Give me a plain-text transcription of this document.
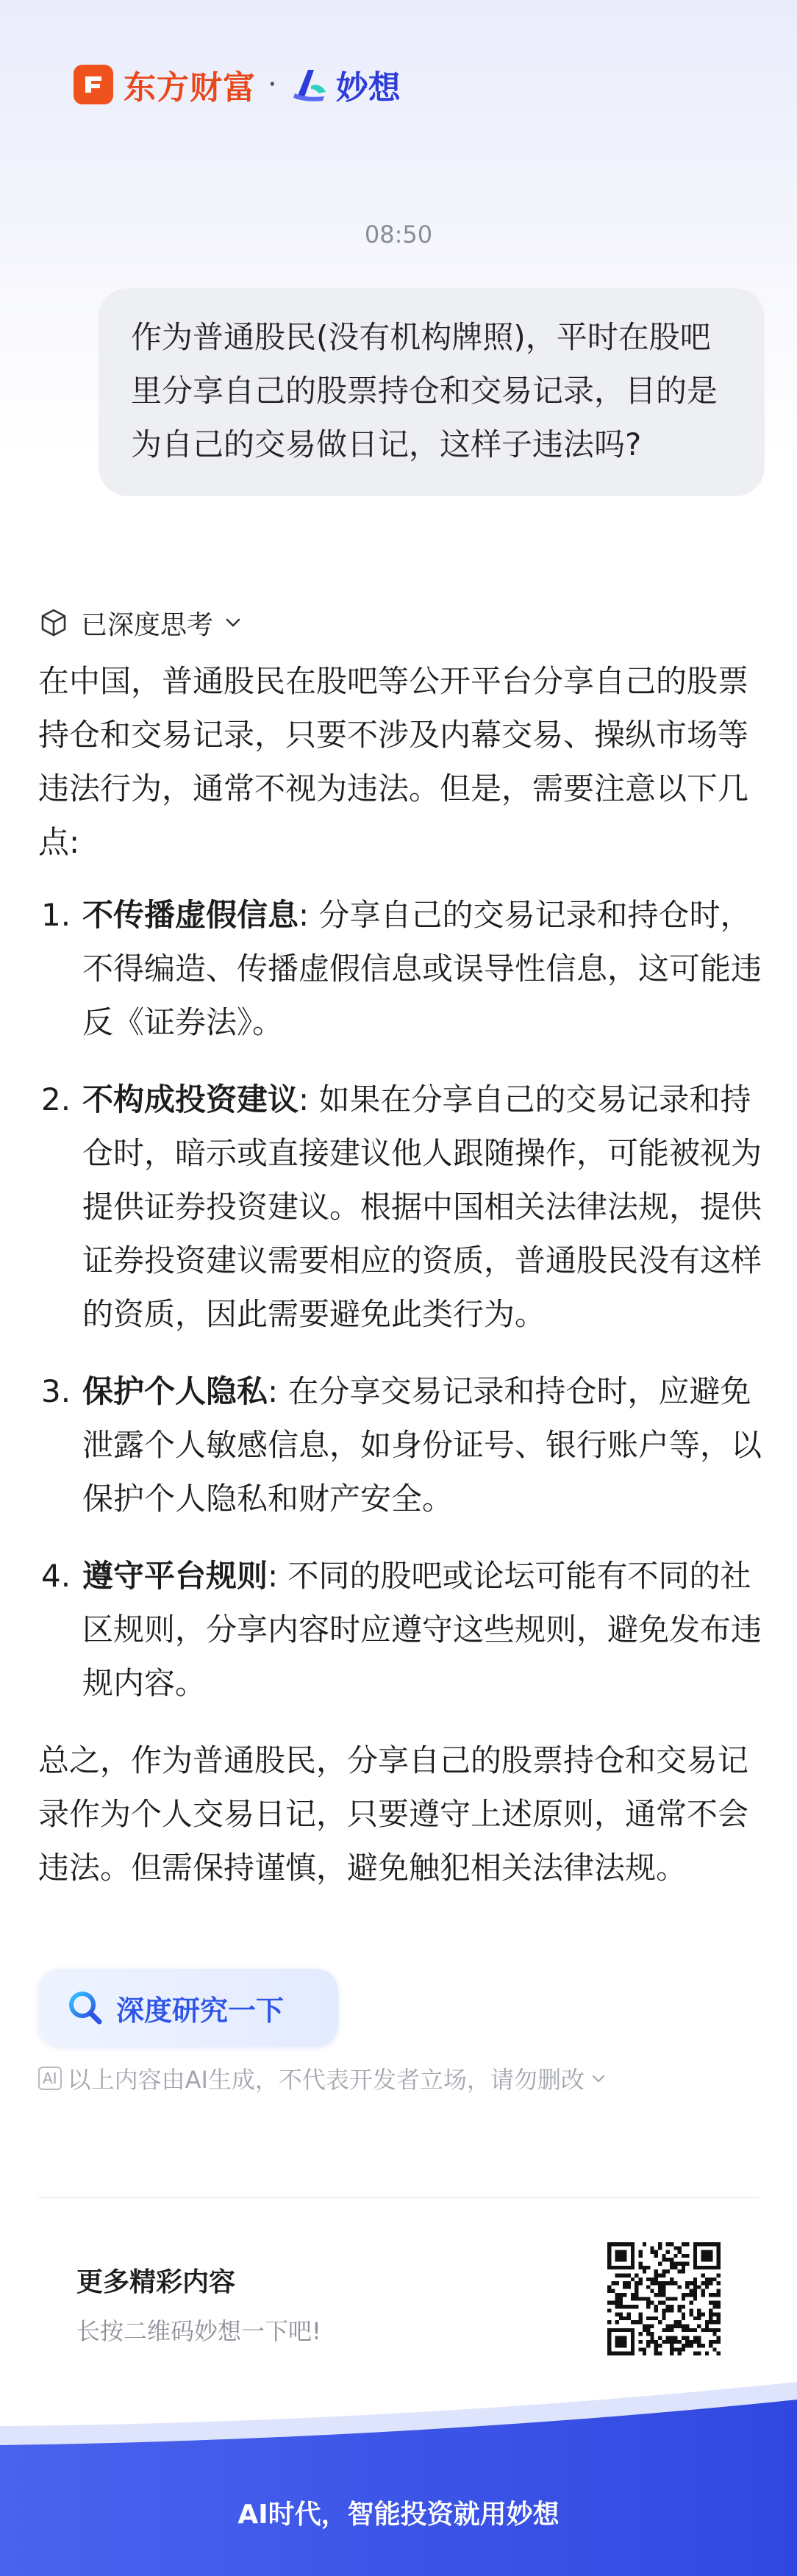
东方财富 · 妙想
08:50
作为普通股民(没有机构牌照)，平时在股吧里分享自己的股票持仓和交易记录，目的是为自己的交易做日记，这样子违法吗?
已深度思考

在中国，普通股民在股吧等公开平台分享自己的股票持仓和交易记录，只要不涉及内幕交易、操纵市场等违法行为，通常不视为违法。但是，需要注意以下几点:

1. 不传播虚假信息: 分享自己的交易记录和持仓时，不得编造、传播虚假信息或误导性信息，这可能违反《证券法》。
2. 不构成投资建议: 如果在分享自己的交易记录和持仓时，暗示或直接建议他人跟随操作，可能被视为提供证券投资建议。根据中国相关法律法规，提供证券投资建议需要相应的资质，普通股民没有这样的资质，因此需要避免此类行为。
3. 保护个人隐私: 在分享交易记录和持仓时，应避免泄露个人敏感信息，如身份证号、银行账户等，以保护个人隐私和财产安全。
4. 遵守平台规则: 不同的股吧或论坛可能有不同的社区规则，分享内容时应遵守这些规则，避免发布违规内容。

总之，作为普通股民，分享自己的股票持仓和交易记录作为个人交易日记，只要遵守上述原则，通常不会违法。但需保持谨慎，避免触犯相关法律法规。

深度研究一下
AI 以上内容由AI生成，不代表开发者立场，请勿删改
更多精彩内容
长按二维码妙想一下吧!
AI时代，智能投资就用妙想
